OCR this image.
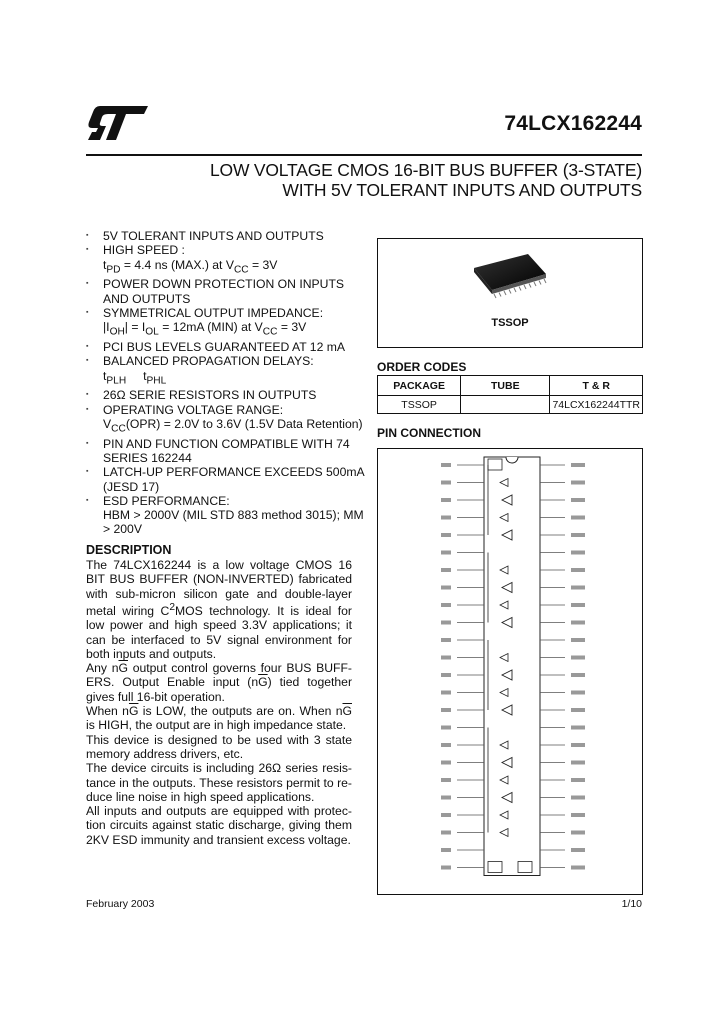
74LCX162244
LOW VOLTAGE CMOS 16-BIT BUS BUFFER (3-STATE)
WITH 5V TOLERANT INPUTS AND OUTPUTS
▪ 5V TOLERANT INPUTS AND OUTPUTS
▪ HIGH SPEED :
$t_{PD} = 4.4$ ns (MAX.) at $V_{CC} = 3V$
▪ POWER DOWN PROTECTION ON INPUTS AND OUTPUTS
▪ SYMMETRICAL OUTPUT IMPEDANCE:
$|I_{OH}| = I_{OL} = 12mA$ (MIN) at $V_{CC} = 3V$
▪ PCI BUS LEVELS GUARANTEED AT 12 mA
▪ BALANCED PROPAGATION DELAYS:
$t_{PLH}$     $t_{PHL}$
▪ 26Ω SERIE RESISTORS IN OUTPUTS
▪ OPERATING VOLTAGE RANGE:
$V_{CC}(OPR) = 2.0V$ to 3.6V (1.5V Data Retention)
▪ PIN AND FUNCTION COMPATIBLE WITH 74 SERIES 162244
▪ LATCH-UP PERFORMANCE EXCEEDS 500mA (JESD 17)
▪ ESD PERFORMANCE:
HBM > 2000V (MIL STD 883 method 3015); MM > 200V
DESCRIPTION

The 74LCX162244 is a low voltage CMOS 16 BIT BUS BUFFER (NON-INVERTED) fabricated with sub-micron silicon gate and double-layer metal wiring $C^2MOS$ technology. It is ideal for low power and high speed 3.3V applications; it can be interfaced to 5V signal environment for both inputs and outputs.

Any $n\overline{G}$ output control governs four BUS BUFF-ERS. Output Enable input $(n\overline{G})$ tied together gives full 16-bit operation.

When $n\overline{G}$ is LOW, the outputs are on. When $n\overline{G}$ is HIGH, the output are in high impedance state.

This device is designed to be used with 3 state memory address drivers, etc.

The device circuits is including 26Ω series resis-tance in the outputs. These resistors permit to re-duce line noise in high speed applications.

All inputs and outputs are equipped with protec-tion circuits against static discharge, giving them 2KV ESD immunity and transient excess voltage.

TSSOP
ORDER CODES
PACKAGE	TUBE	T & R
TSSOP		74LCX162244TTR
PIN CONNECTION
February 2003	1/10
